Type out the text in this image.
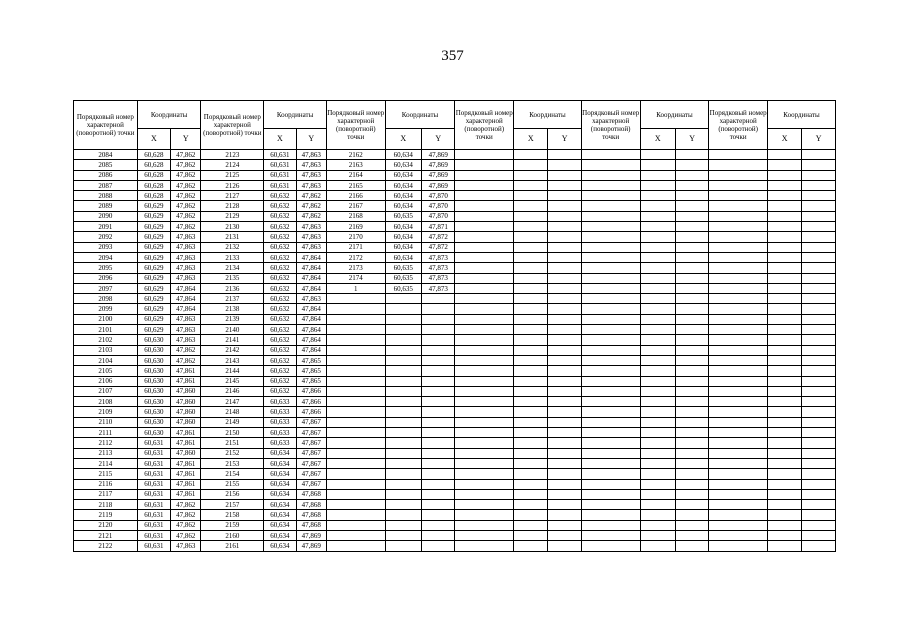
357
Порядковый номер характерной (поворотной) точки	Координаты		Порядковый номер характерной (поворотной) точки	Координаты		Порядковый номер характерной (поворотной) точки	Координаты		Порядковый номер характерной (поворотной) точки	Координаты		Порядковый номер характерной (поворотной) точки	Координаты		Порядковый номер характерной (поворотной) точки	Координаты	
	X	Y		X	Y		X	Y		X	Y		X	Y		X	Y
2084	60,628	47,862	2123	60,631	47,863	2162	60,634	47,869									
2085	60,628	47,862	2124	60,631	47,863	2163	60,634	47,869									
2086	60,628	47,862	2125	60,631	47,863	2164	60,634	47,869									
2087	60,628	47,862	2126	60,631	47,863	2165	60,634	47,869									
2088	60,628	47,862	2127	60,632	47,862	2166	60,634	47,870									
2089	60,629	47,862	2128	60,632	47,862	2167	60,634	47,870									
2090	60,629	47,862	2129	60,632	47,862	2168	60,635	47,870									
2091	60,629	47,862	2130	60,632	47,863	2169	60,634	47,871									
2092	60,629	47,863	2131	60,632	47,863	2170	60,634	47,872									
2093	60,629	47,863	2132	60,632	47,863	2171	60,634	47,872									
2094	60,629	47,863	2133	60,632	47,864	2172	60,634	47,873									
2095	60,629	47,863	2134	60,632	47,864	2173	60,635	47,873									
2096	60,629	47,863	2135	60,632	47,864	2174	60,635	47,873									
2097	60,629	47,864	2136	60,632	47,864	1	60,635	47,873									
2098	60,629	47,864	2137	60,632	47,863												
2099	60,629	47,864	2138	60,632	47,864												
2100	60,629	47,863	2139	60,632	47,864												
2101	60,629	47,863	2140	60,632	47,864												
2102	60,630	47,863	2141	60,632	47,864												
2103	60,630	47,862	2142	60,632	47,864												
2104	60,630	47,862	2143	60,632	47,865												
2105	60,630	47,861	2144	60,632	47,865												
2106	60,630	47,861	2145	60,632	47,865												
2107	60,630	47,860	2146	60,632	47,866												
2108	60,630	47,860	2147	60,633	47,866												
2109	60,630	47,860	2148	60,633	47,866												
2110	60,630	47,860	2149	60,633	47,867												
2111	60,630	47,861	2150	60,633	47,867												
2112	60,631	47,861	2151	60,633	47,867												
2113	60,631	47,860	2152	60,634	47,867												
2114	60,631	47,861	2153	60,634	47,867												
2115	60,631	47,861	2154	60,634	47,867												
2116	60,631	47,861	2155	60,634	47,867												
2117	60,631	47,861	2156	60,634	47,868												
2118	60,631	47,862	2157	60,634	47,868												
2119	60,631	47,862	2158	60,634	47,868												
2120	60,631	47,862	2159	60,634	47,868												
2121	60,631	47,862	2160	60,634	47,869												
2122	60,631	47,863	2161	60,634	47,869												
